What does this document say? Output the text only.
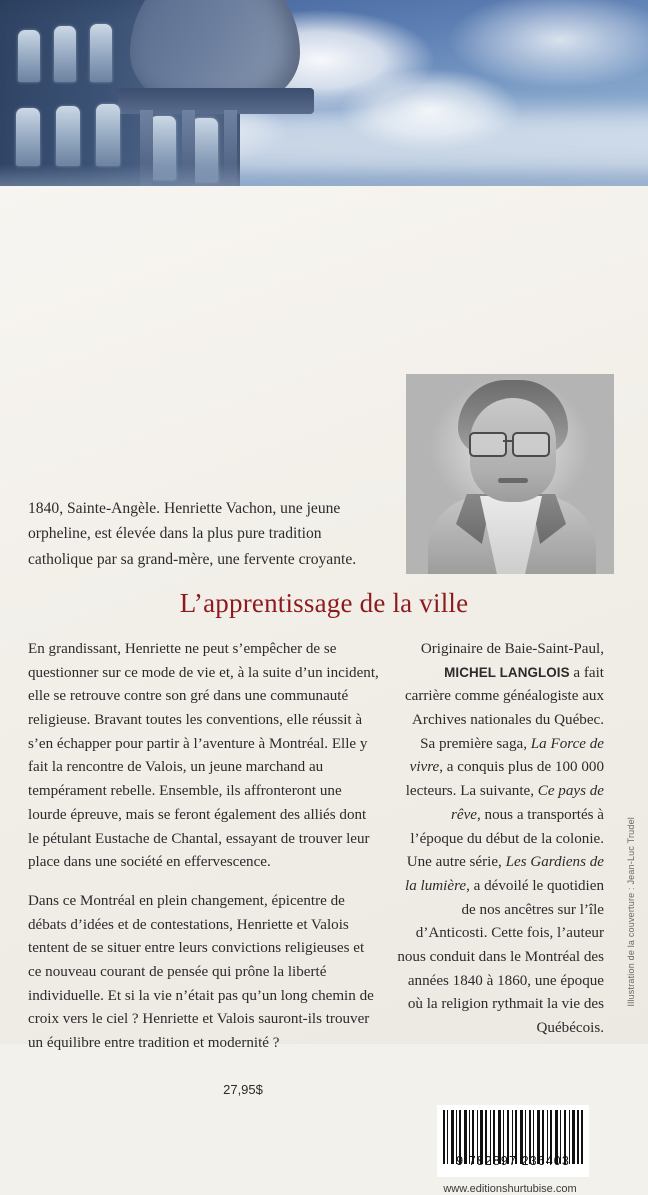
1840, Sainte-Angèle. Henriette Vachon, une jeune orpheline, est élevée dans la plus pure tradition catholique par sa grand-mère, une fervente croyante.
L’apprentissage de la ville

En grandissant, Henriette ne peut s’empêcher de se questionner sur ce mode de vie et, à la suite d’un incident, elle se retrouve contre son gré dans une communauté religieuse. Bravant toutes les conventions, elle réussit à s’en échapper pour partir à l’aventure à Montréal. Elle y fait la rencontre de Valois, un jeune marchand au tempérament rebelle. Ensemble, ils affronteront une lourde épreuve, mais se feront également des alliés dont le pétulant Eustache de Chantal, essayant de trouver leur place dans une société en effervescence.

Dans ce Montréal en plein changement, épicentre de débats d’idées et de contestations, Henriette et Valois tentent de se situer entre leurs convictions religieuses et ce nouveau courant de pensée qui prône la liberté individuelle. Et si la vie n’était pas qu’un long chemin de croix vers le ciel ? Henriette et Valois sauront-ils trouver un équilibre entre tradition et modernité ?

Originaire de Baie-Saint-Paul, MICHEL LANGLOIS a fait carrière comme généalogiste aux Archives nationales du Québec. Sa première saga, La Force de vivre, a conquis plus de 100 000 lecteurs. La suivante, Ce pays de rêve, nous a transportés à l’époque du début de la colonie. Une autre série, Les Gardiens de la lumière, a dévoilé le quotidien de nos ancêtres sur l’île d’Anticosti. Cette fois, l’auteur nous conduit dans le Montréal des années 1840 à 1860, une époque où la religion rythmait la vie des Québécois.

27,95$
9 782897 236403
www.editionshurtubise.com
Illustration de la couverture : Jean-Luc Trudel
